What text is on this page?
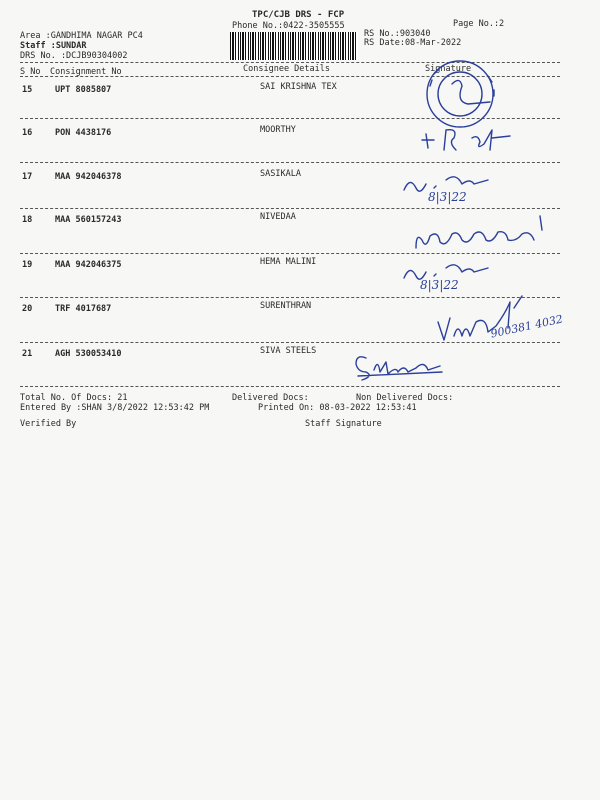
TPC/CJB DRS - FCP
Phone No.:0422-3505555	Page No.:2
Area :GANDHIMA NAGAR PC4
Staff :SUNDAR
DRS No. :DCJB90304002
RS No.:903040
RS Date:08-Mar-2022
S No Consignment No	Consignee Details	Signature
15	UPT 8085807	SAI KRISHNA TEX
16	PON 4438176	MOORTHY
17	MAA 942046378	SASIKALA
18	MAA 560157243	NIVEDAA
19	MAA 942046375	HEMA MALINI
20	TRF 4017687	SURENTHRAN
21	AGH 530053410	SIVA STEELS
Total No. Of Docs: 21	Delivered Docs:	Non Delivered Docs:
Entered By :SHAN 3/8/2022 12:53:42 PM	Printed On: 08-03-2022 12:53:41
Verified By	Staff Signature
8|3|22
8|3|22
900381 4032
